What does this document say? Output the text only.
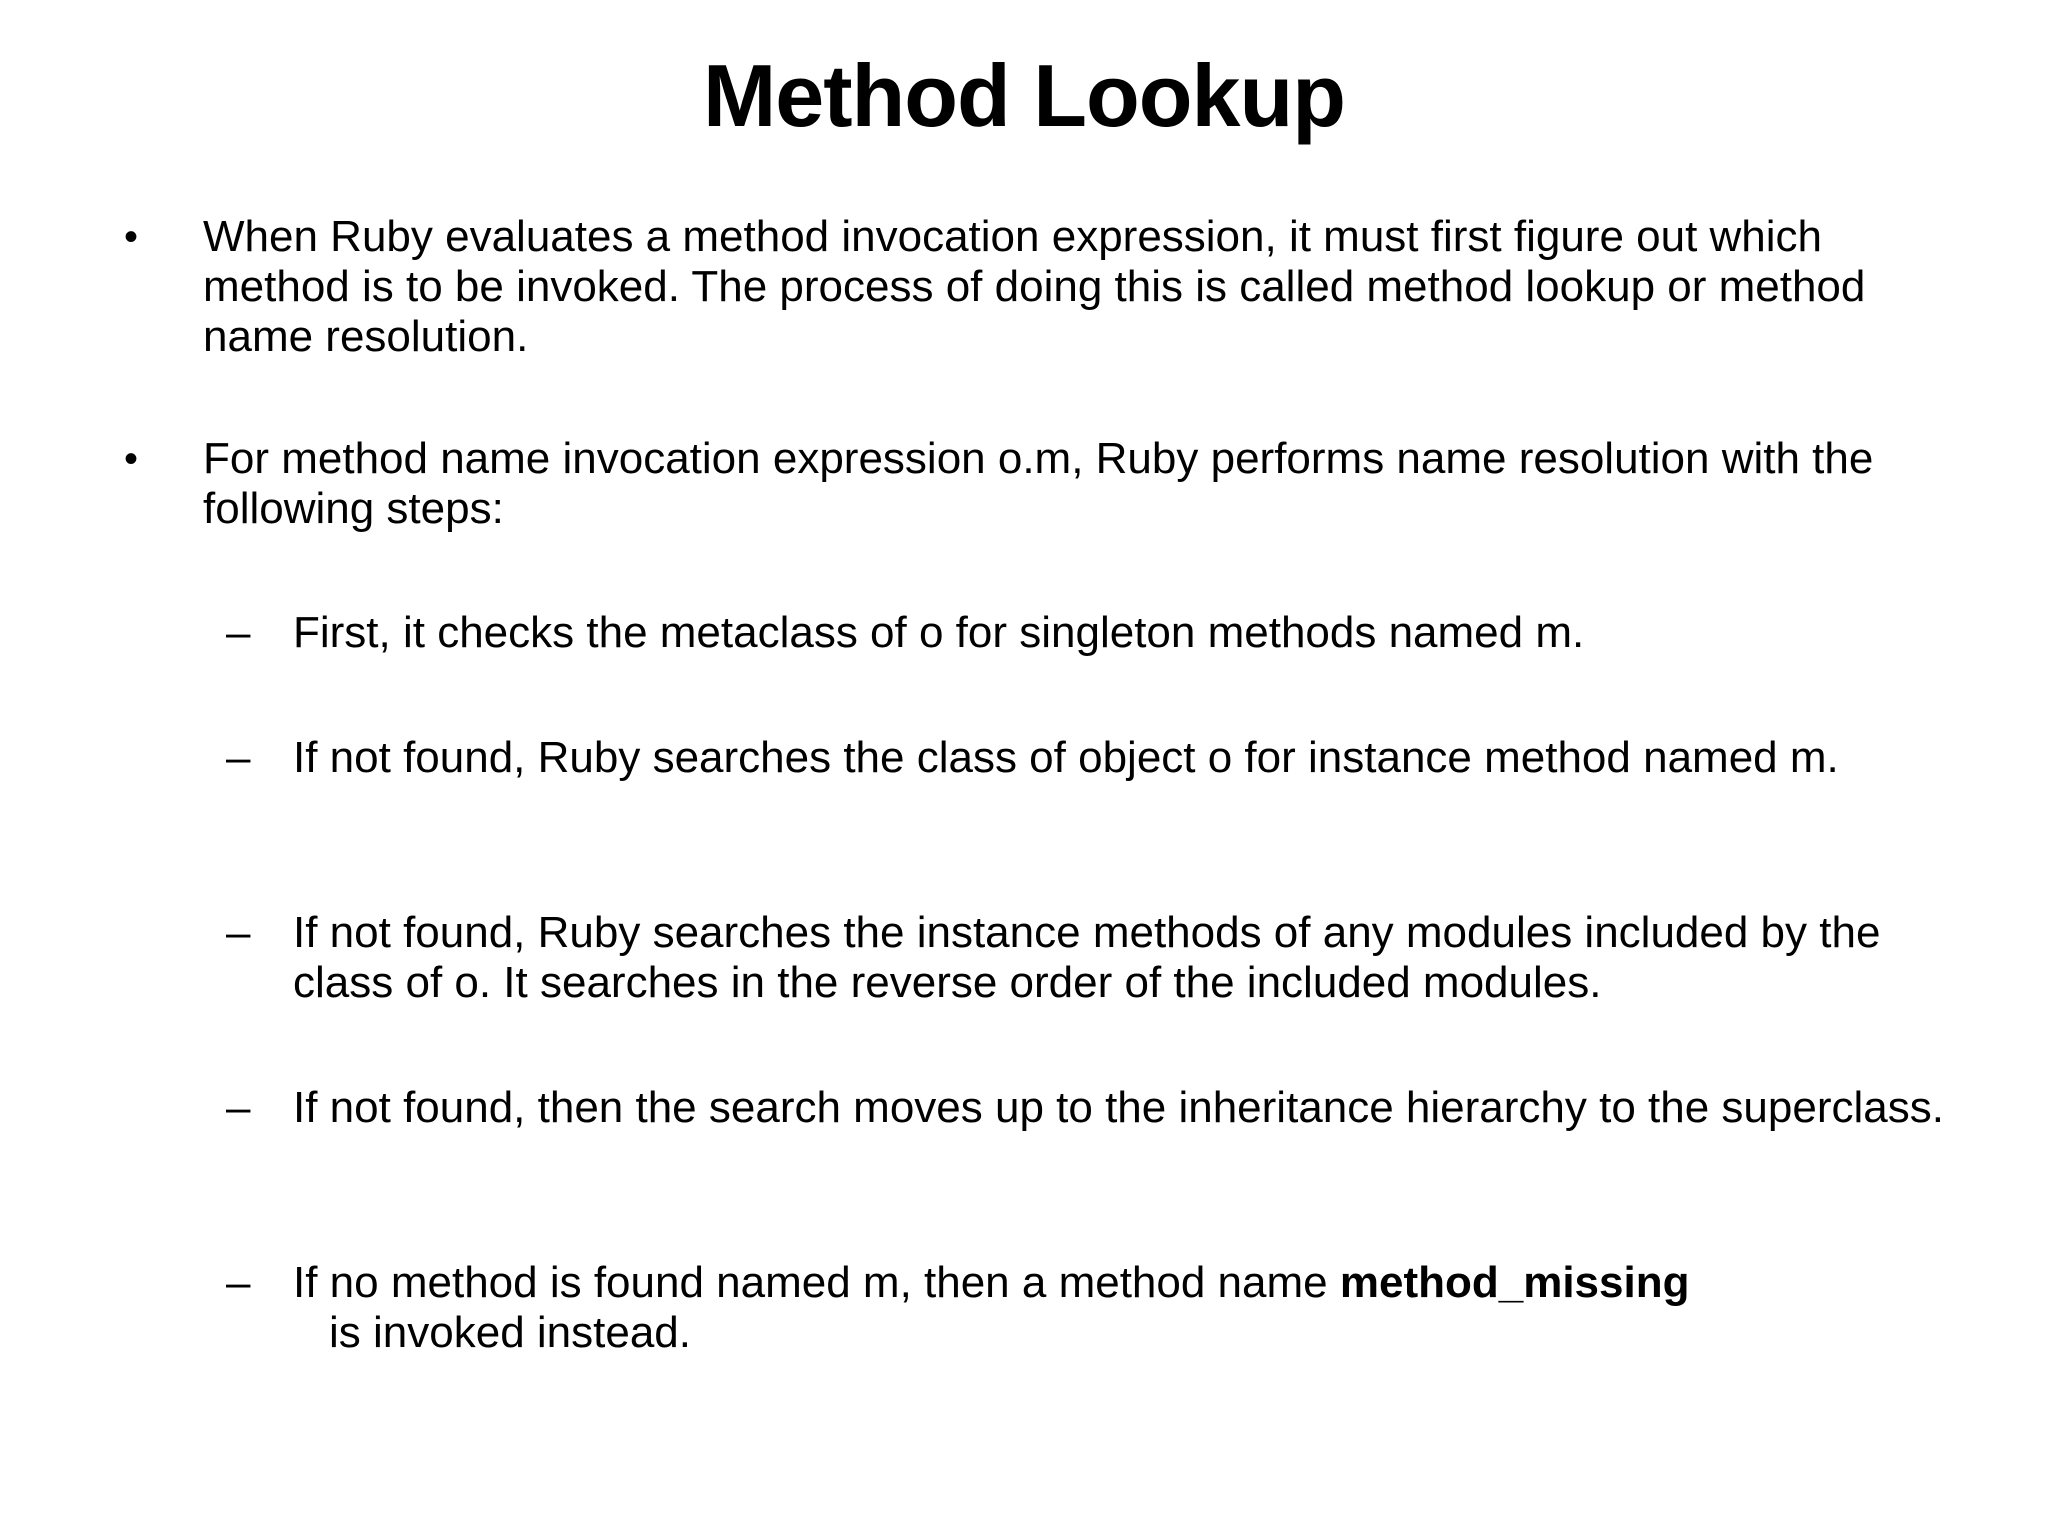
Method Lookup
•	When Ruby evaluates a method invocation expression, it must first figure out which method is to be invoked. The process of doing this is called method lookup or method name resolution.
•	For method name invocation expression o.m, Ruby performs name resolution with the following steps:
– First, it checks the metaclass of o for singleton methods named m.
– If not found, Ruby searches the class of object o for instance method named m.
– If not found, Ruby searches the instance methods of any modules included by the class of o. It searches in the reverse order of the included modules.
– If not found, then the search moves up to the inheritance hierarchy to the superclass.
– If no method is found named m, then a method name method_missing
is invoked instead.
